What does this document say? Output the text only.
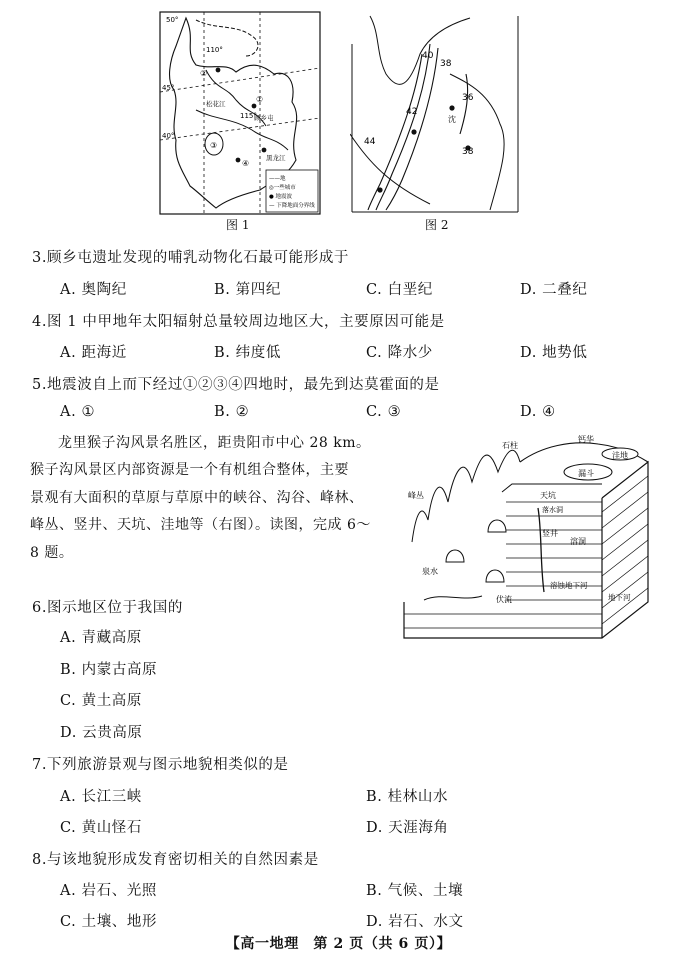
50°
110°
45°
115°
40°
②
①
③
④
顾乡屯
黑龙江
松花江
——地
◎一些城市
● 地震波
— 下降地面分界线
图 1
40
38
42
36
44
38
沈
图 2
3.顾乡屯遗址发现的哺乳动物化石最可能形成于
A. 奥陶纪	B. 第四纪	C. 白垩纪	D. 二叠纪
4.图 1 中甲地年太阳辐射总量较周边地区大，主要原因可能是
A. 距海近	B. 纬度低	C. 降水少	D. 地势低
5.地震波自上而下经过①②③④四地时，最先到达莫霍面的是
A. ①	B. ②	C. ③	D. ④

龙里猴子沟风景名胜区，距贵阳市中心 28 km。

猴子沟风景区内部资源是一个有机组合整体，主要

景观有大面积的草原与草原中的峡谷、沟谷、峰林、

峰丛、竖井、天坑、洼地等（右图）。读图，完成 6～

8 题。

峰丛
石柱
钙华
洼地
漏斗
天坑
竖井
溶洞
泉水
伏流
溶蚀地下河
落水洞
地下河
6.图示地区位于我国的
A. 青藏高原
B. 内蒙古高原
C. 黄土高原
D. 云贵高原
7.下列旅游景观与图示地貌相类似的是
A. 长江三峡	B. 桂林山水
C. 黄山怪石	D. 天涯海角
8.与该地貌形成发育密切相关的自然因素是
A. 岩石、光照	B. 气候、土壤
C. 土壤、地形	D. 岩石、水文
【高一地理　第 2 页（共 6 页）】
